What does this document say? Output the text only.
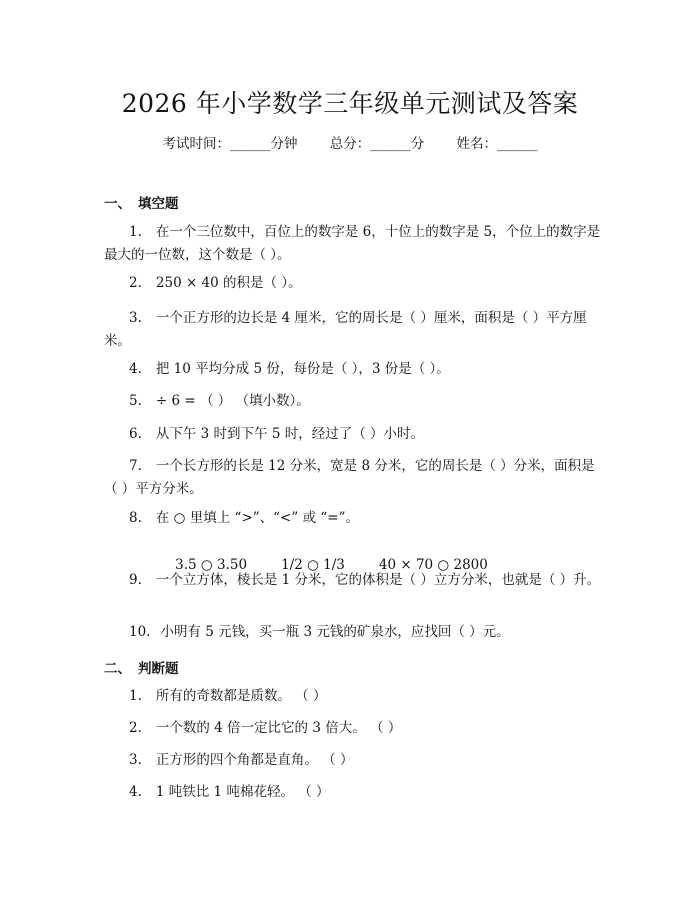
2026 年小学数学三年级单元测试及答案
考试时间：______分钟 总分：______分 姓名：______
一、 填空题
1. 在一个三位数中，百位上的数字是 6，十位上的数字是 5，个位上的数字是最大的一位数，这个数是（ ）。
2. 250 × 40 的积是（ ）。
3. 一个正方形的边长是 4 厘米，它的周长是（ ）厘米，面积是（ ）平方厘米。
4. 把 10 平均分成 5 份，每份是（ ），3 份是（ ）。
5. ÷ 6 = （ ） （填小数）。
6. 从下午 3 时到下午 5 时，经过了（ ）小时。
7. 一个长方形的长是 12 分米，宽是 8 分米，它的周长是（ ）分米，面积是（ ）平方分米。
8. 在 ○ 里填上 “>”、“<” 或 “=”。

3.5 ○ 3.50	1/2 ○ 1/3	40 × 70 ○ 2800

9. 一个立方体，棱长是 1 分米，它的体积是（ ）立方分米，也就是（ ）升。
10. 小明有 5 元钱，买一瓶 3 元钱的矿泉水，应找回（ ）元。
二、 判断题
1. 所有的奇数都是质数。 （ ）
2. 一个数的 4 倍一定比它的 3 倍大。 （ ）
3. 正方形的四个角都是直角。 （ ）
4. 1 吨铁比 1 吨棉花轻。 （ ）
